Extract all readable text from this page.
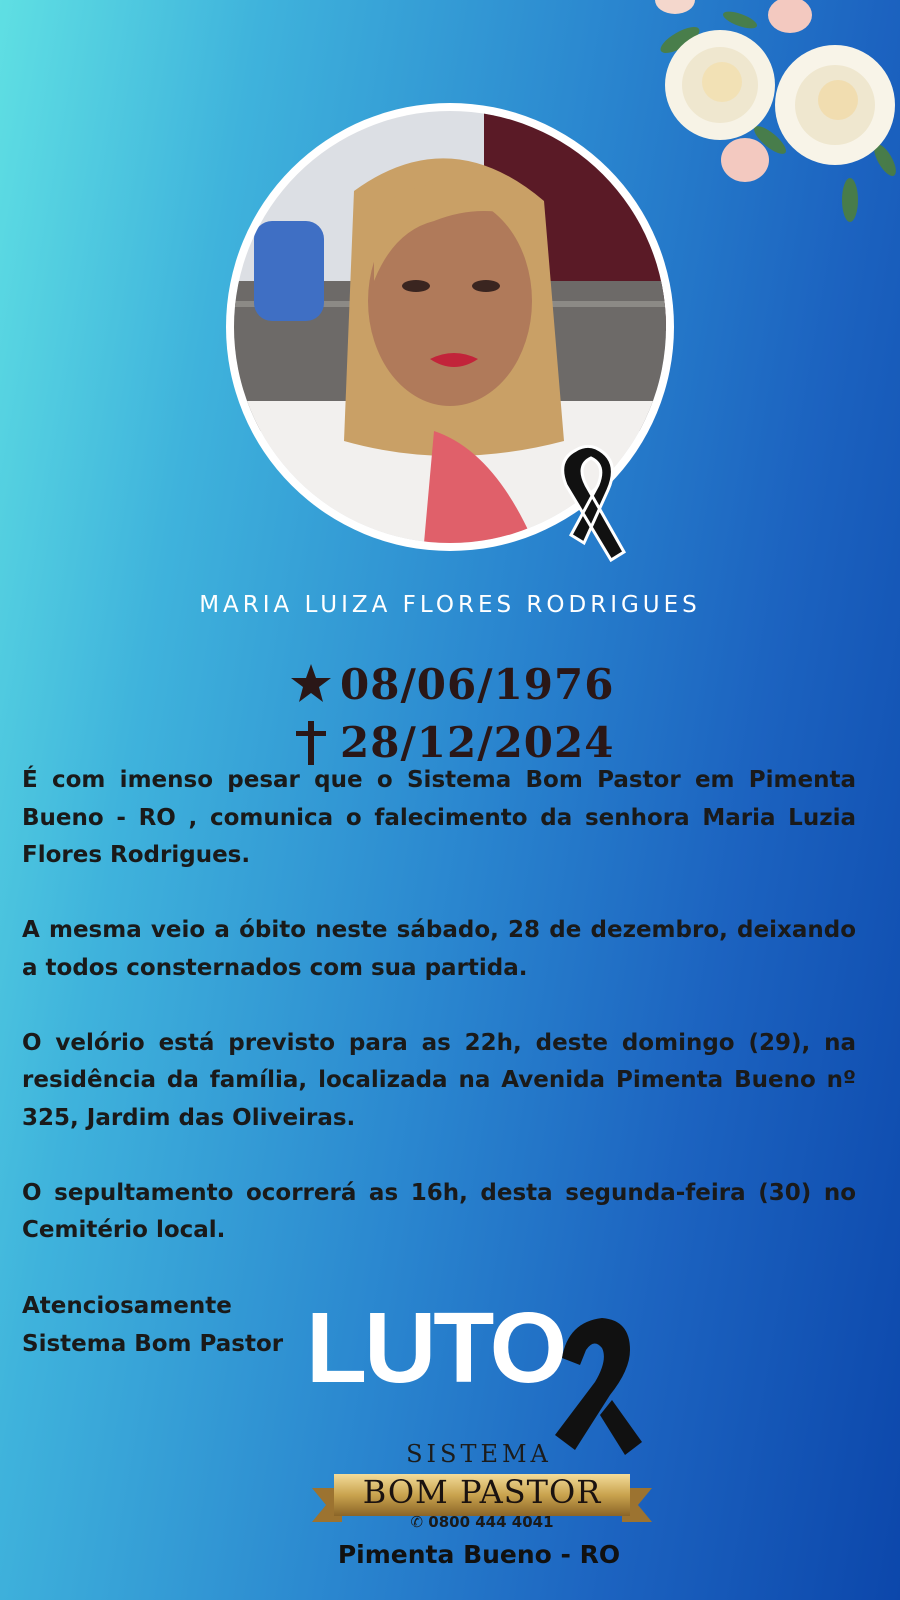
MARIA LUIZA FLORES RODRIGUES
08/06/1976
28/12/2024

É com imenso pesar que o Sistema Bom Pastor em Pimenta Bueno - RO , comunica o falecimento da senhora Maria Luzia Flores Rodrigues.

A mesma veio a óbito neste sábado, 28 de dezembro, deixando a todos consternados com sua partida.

O velório está previsto para as 22h, deste domingo (29), na residência da família, localizada na Avenida Pimenta Bueno nº 325, Jardim das Oliveiras.

O sepultamento ocorrerá as 16h, desta segunda-feira (30) no Cemitério local.

Atenciosamente
Sistema Bom Pastor LUTO
SISTEMA
BOM PASTOR
✆ 0800 444 4041
Pimenta Bueno - RO
